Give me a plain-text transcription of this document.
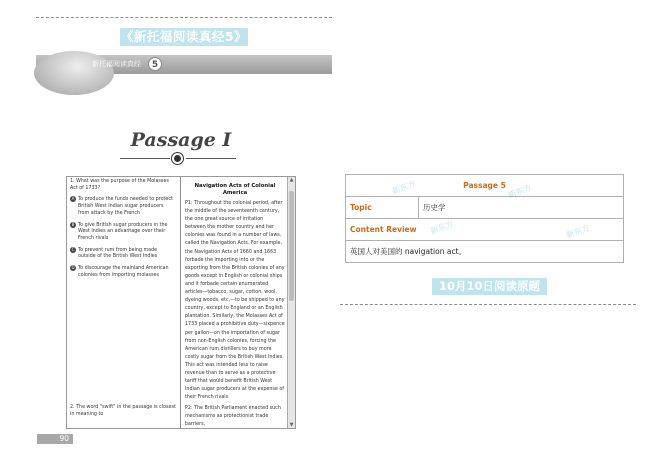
《新托福阅读真经5》
新托福阅读真经	5
Passage I
1. What was the purpose of the Molasses Act of 1733?
A To produce the funds needed to protect British West Indian sugar producers from attack by the French
B To give British sugar producers in the West Indies an advantage over their French rivals
C To prevent rum from being made outside of the British West Indies
D To discourage the mainland American colonies from importing molasses
2. The word "swift" in the passage is closest in meaning to
Navigation Acts of Colonial America
P1: Throughout the colonial period, after the middle of the seventeenth century, the one great source of irritation between the mother country and her colonies was found in a number of laws, called the Navigation Acts. For example, the Navigation Acts of 1660 and 1663 forbade the importing into or the exporting from the British colonies of any goods except in English or colonial ships and it forbade certain enumerated articles—tobacco, sugar, cotton, wool, dyeing woods, etc.—to be shipped to any country, except to England or an English plantation. Similarly, the Molasses Act of 1733 placed a prohibitive duty—sixpence per gallon—on the importation of sugar from non-English colonies, forcing the American rum distillers to buy more costly sugar from the British West Indies. This act was intended less to raise revenue than to serve as a protective tariff that would benefit British West Indian sugar producers at the expense of their French rivals.
P2: The British Parliament enacted such mechanisms as protectionist trade barriers,
▲
▼
90
新东方	新东方
新东方	新东方
Passage 5
Topic	历史学
Content Review
英国人对美国的 navigation act。
10月10日阅读原题
